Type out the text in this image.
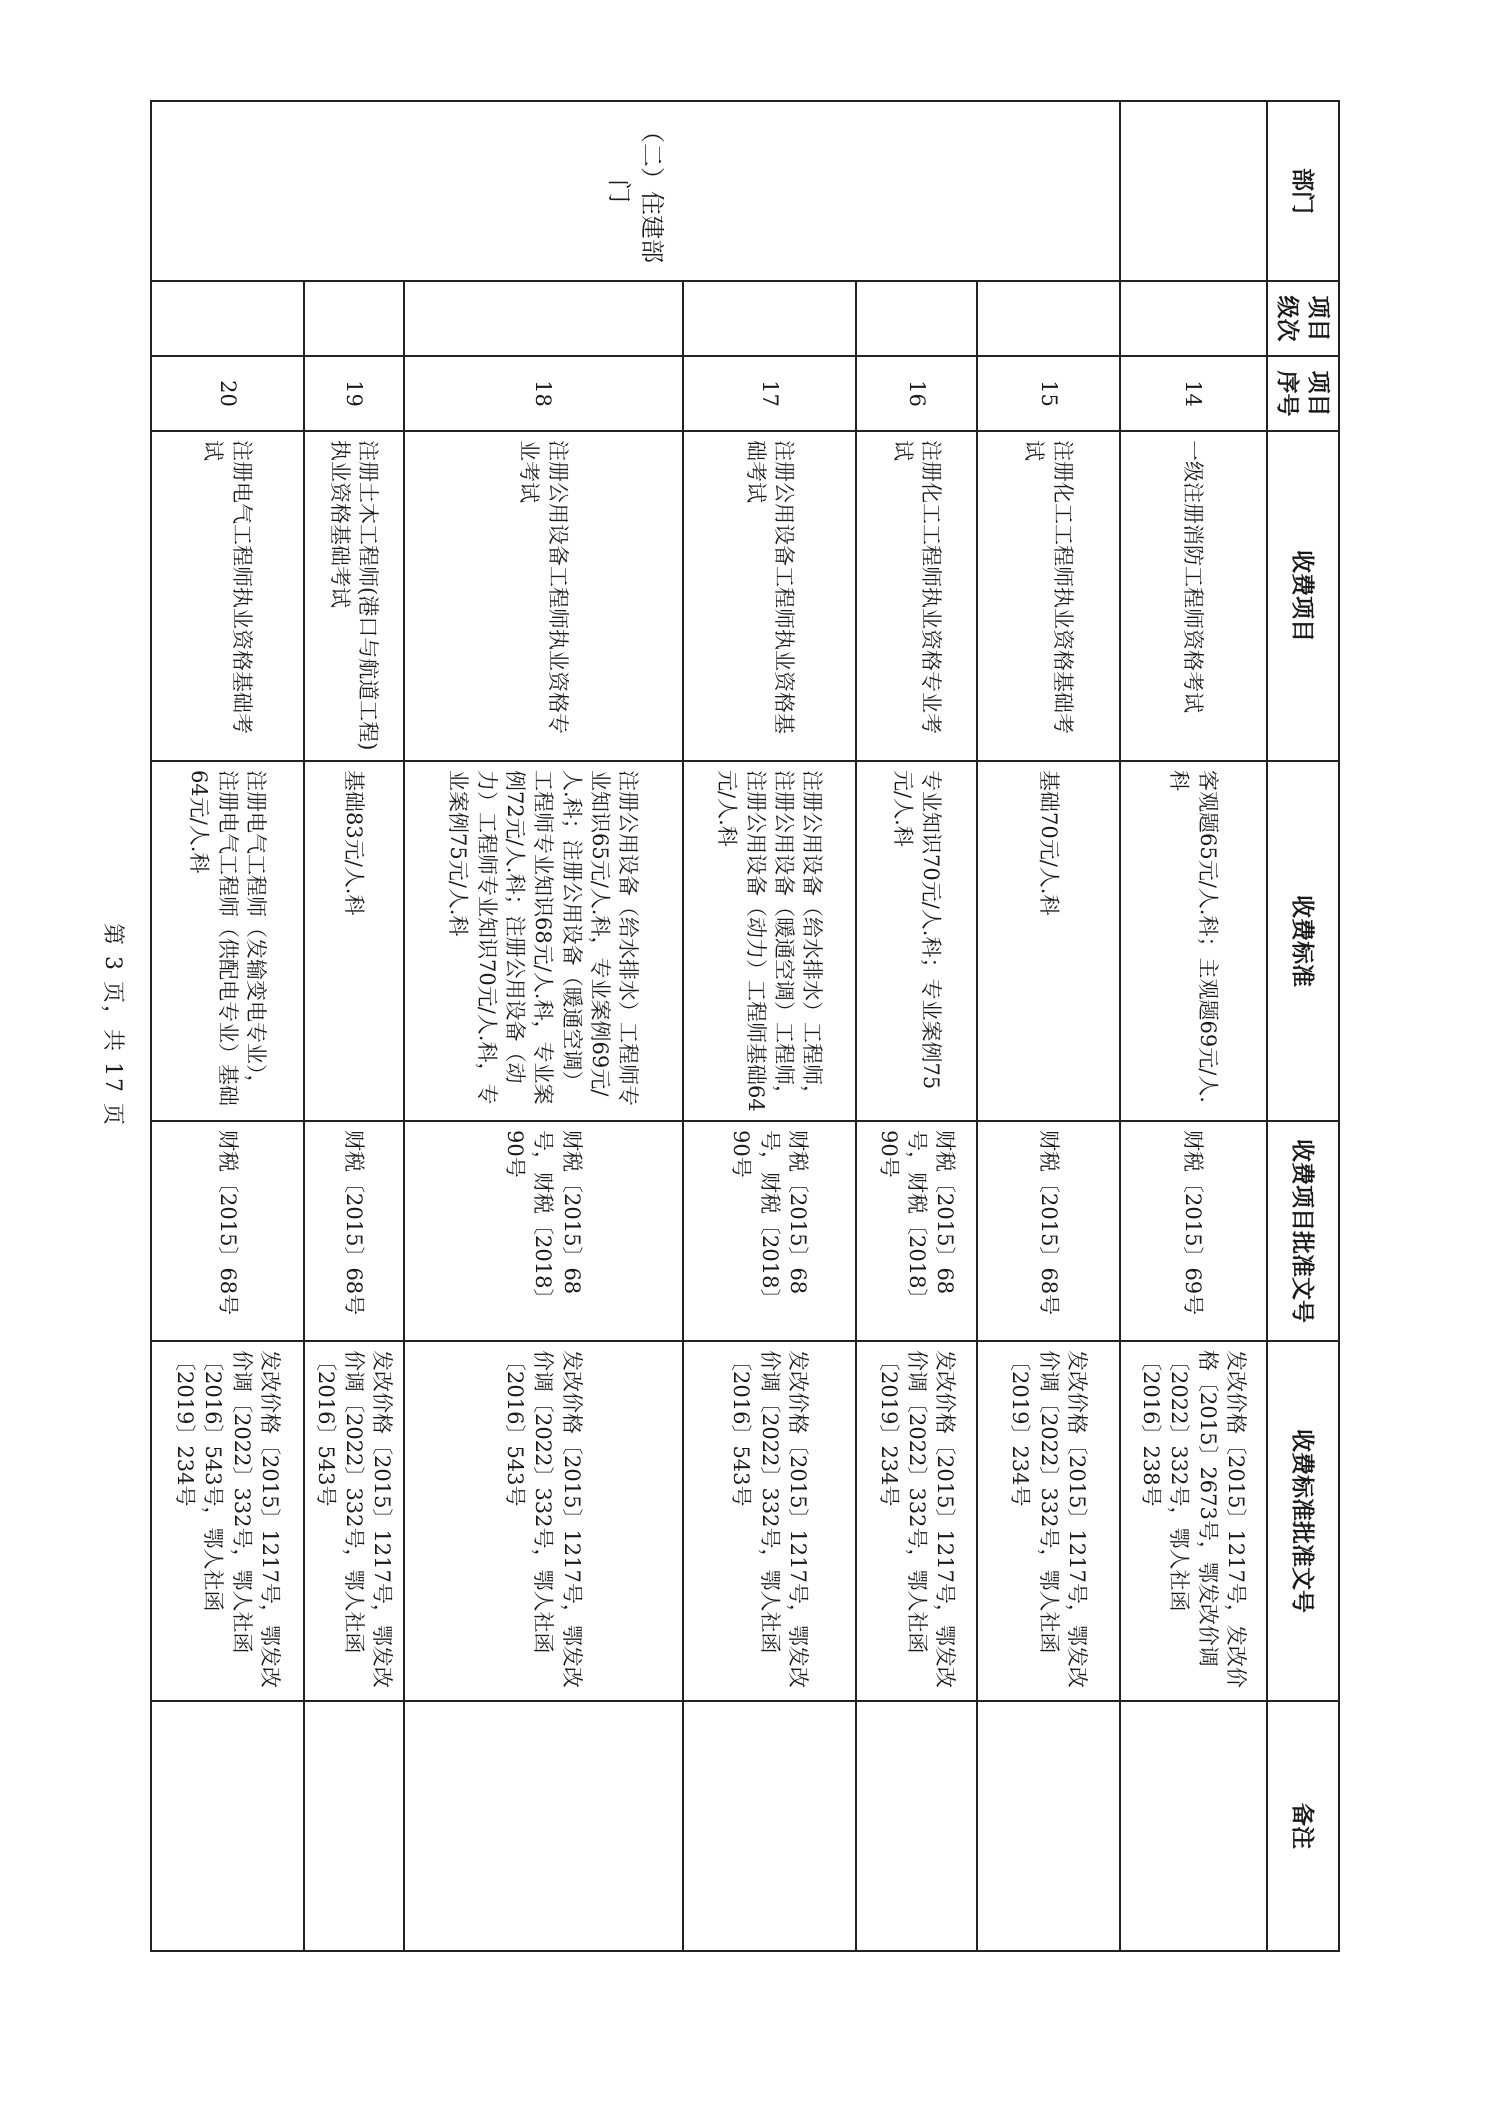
部门	项目级次	项目序号	收费项目	收费标准	收费项目批准文号	收费标准批准文号	备注
		14	一级注册消防工程师资格考试	客观题65元/人.科；主观题69元/人.科	财税〔2015〕69号	发改价格〔2015〕1217号，发改价格〔2015〕2673号，鄂发改价调〔2022〕332号，鄂人社函〔2016〕238号	
（二）住建部门		15	注册化工工程师执业资格基础考试	基础70元/人.科	财税〔2015〕68号	发改价格〔2015〕1217号，鄂发改价调〔2022〕332号，鄂人社函〔2019〕234号	
		16	注册化工工程师执业资格专业考试	专业知识70元/人.科；专业案例75元/人.科	财税〔2015〕68号，财税〔2018〕90号	发改价格〔2015〕1217号，鄂发改价调〔2022〕332号，鄂人社函〔2019〕234号	
		17	注册公用设备工程师执业资格基础考试	注册公用设备（给水排水）工程师，注册公用设备（暖通空调）工程师，注册公用设备（动力）工程师基础64元/人.科	财税〔2015〕68号，财税〔2018〕90号	发改价格〔2015〕1217号，鄂发改价调〔2022〕332号，鄂人社函〔2016〕543号	
		18	注册公用设备工程师执业资格专业考试	注册公用设备（给水排水）工程师专业知识65元/人.科，专业案例69元/人.科；注册公用设备（暖通空调）工程师专业知识68元/人.科，专业案例72元/人.科；注册公用设备（动力）工程师专业知识70元/人.科，专业案例75元/人.科	财税〔2015〕68号，财税〔2018〕90号	发改价格〔2015〕1217号，鄂发改价调〔2022〕332号，鄂人社函〔2016〕543号	
		19	注册土木工程师(港口与航道工程)执业资格基础考试	基础83元/人.科	财税〔2015〕68号	发改价格〔2015〕1217号，鄂发改价调〔2022〕332号，鄂人社函〔2016〕543号	
		20	注册电气工程师执业资格基础考试	注册电气工程师（发输变电专业），注册电气工程师（供配电专业）基础64元/人.科	财税〔2015〕68号	发改价格〔2015〕1217号，鄂发改价调〔2022〕332号，鄂人社函〔2016〕543号，鄂人社函〔2019〕234号	
第 3 页，共 17 页
